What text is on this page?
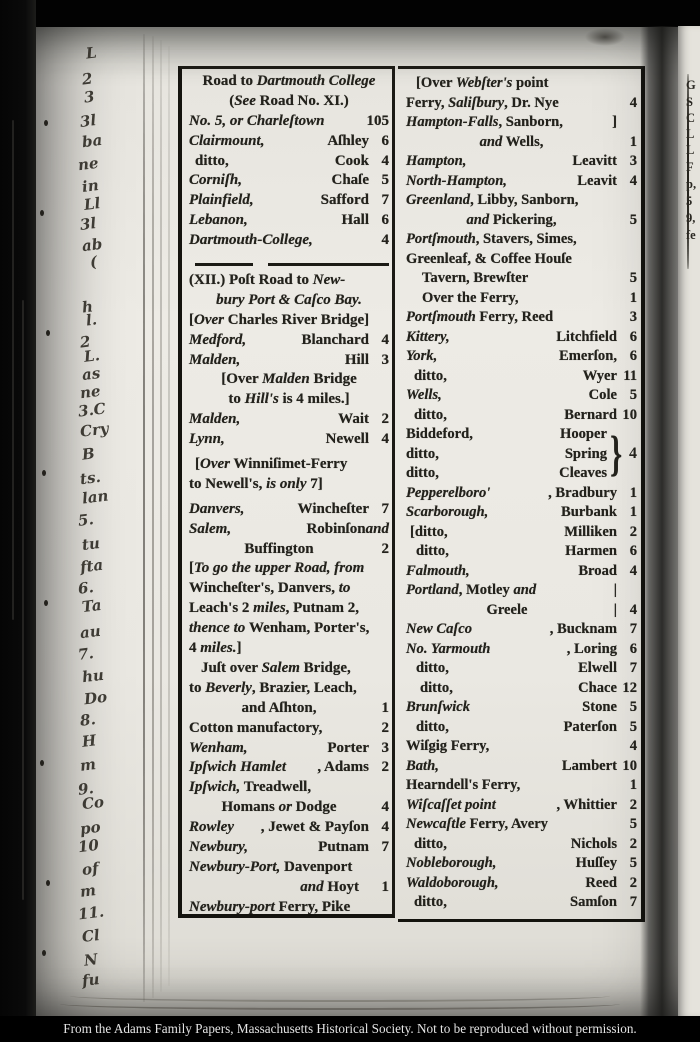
L
2
3
3l
ba
ne
in
Ll
3l
ab
(
h
l.
2
L.
as
ne
3.C
Cry
B
ts.
lan
5.
tu
fta
6.
Ta
au
7.
hu
Do
8.
H
m
9.
Co
po
10
of
m
11.
Cl
N
fu
Road to Dartmouth College
(See Road No. XI.)
No. 5, or Charleſtown	105
Clairmount,	Aſhley 6
ditto,	Cook 4
Corniſh,	Chaſe 5
Plainfield,	Safford 7
Lebanon,	Hall 6
Dartmouth-College,	4
(XII.) Poſt Road to New-
bury Port & Caſco Bay.
[Over Charles River Bridge]
Medford,	Blanchard 4
Malden,	Hill 3
[Over Malden Bridge
to Hill's is 4 miles.]
Malden,	Wait 2
Lynn,	Newell 4
[Over Winniſimet-Ferry
to Newell's, is only 7]
Danvers,	Wincheſter 7
Salem,	Robinſon and
Buffington	2
[To go the upper Road, from
Wincheſter's, Danvers, to
Leach's 2 miles, Putnam 2,
thence to Wenham, Porter's,
4 miles.]
Juſt over Salem Bridge,
to Beverly, Brazier, Leach,
and Aſhton,	1
Cotton manufactory,	2
Wenham,	Porter 3
Ipſwich Hamlet , Adams 2
Ipſwich, Treadwell,
Homans or Dodge	4
Rowley , Jewet & Payſon 4
Newbury,	Putnam 7
Newbury-Port, Davenport
and Hoyt	1
Newbury-port Ferry, Pike
[Over Webſter's point
Ferry, Saliſbury, Dr. Nye	4
Hampton-Falls, Sanborn,	]
and Wells,	1
Hampton,	Leavitt 3
North-Hampton,	Leavit 4
Greenland, Libby, Sanborn,
and Pickering,	5
Portſmouth, Stavers, Simes,
Greenleaf, & Coffee Houſe
Tavern, Brewſter	5
Over the Ferry,	1
Portſmouth Ferry, Reed	3
Kittery,	Litchfield 6
York,	Emerſon, 6
ditto,	Wyer 11
Wells,	Cole 5
ditto,	Bernard 10
Biddeford,	Hooper
ditto,	Spring
ditto,	Cleaves } 4
Pepperelboro'	, Bradbury 1
Scarborough,	Burbank 1
[ditto,	Milliken 2
ditto,	Harmen 6
Falmouth,	Broad 4
Portland, Motley and	|
Greele	| 4
New Caſco	, Bucknam 7
No. Yarmouth	, Loring 6
ditto,	Elwell 7
ditto,	Chace 12
Brunſwick	Stone 5
ditto,	Paterſon 5
Wiſgig Ferry,	4
Bath,	Lambert 10
Hearndell's Ferry,	1
Wiſcaſſet point	, Whittier 2
Newcaſtle Ferry, Avery	5
ditto,	Nichols 2
Nobleborough,	Huſſey 5
Waldoborough,	Reed 2
ditto,	Samſon 7
G
S
C
L
L
F
p,
5
9,
fe
From the Adams Family Papers, Massachusetts Historical Society. Not to be reproduced without permission.
